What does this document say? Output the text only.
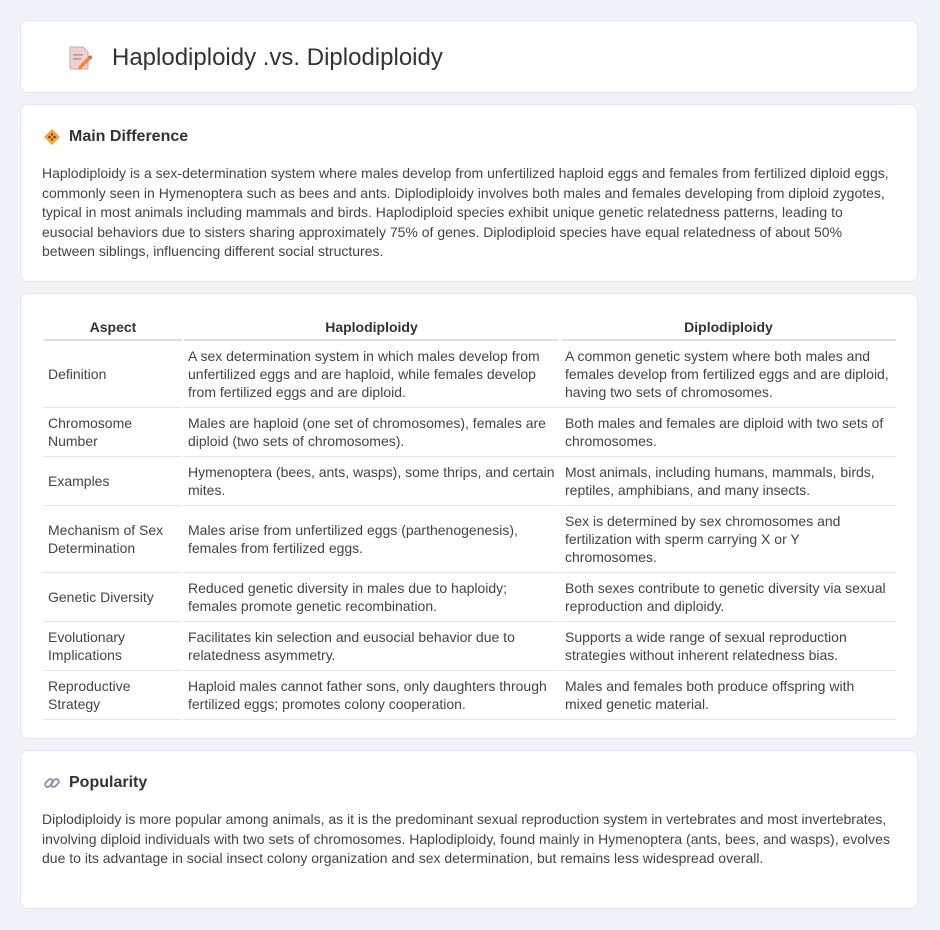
Haplodiploidy .vs. Diplodiploidy
Main Difference

Haplodiploidy is a sex-determination system where males develop from unfertilized haploid eggs and females from fertilized diploid eggs, commonly seen in Hymenoptera such as bees and ants. Diplodiploidy involves both males and females developing from diploid zygotes, typical in most animals including mammals and birds. Haplodiploid species exhibit unique genetic relatedness patterns, leading to eusocial behaviors due to sisters sharing approximately 75% of genes. Diplodiploid species have equal relatedness of about 50% between siblings, influencing different social structures.

Aspect	Haplodiploidy	Diplodiploidy
Definition	A sex determination system in which males develop from unfertilized eggs and are haploid, while females develop from fertilized eggs and are diploid.	A common genetic system where both males and females develop from fertilized eggs and are diploid, having two sets of chromosomes.
Chromosome Number	Males are haploid (one set of chromosomes), females are diploid (two sets of chromosomes).	Both males and females are diploid with two sets of chromosomes.
Examples	Hymenoptera (bees, ants, wasps), some thrips, and certain mites.	Most animals, including humans, mammals, birds, reptiles, amphibians, and many insects.
Mechanism of Sex Determination	Males arise from unfertilized eggs (parthenogenesis), females from fertilized eggs.	Sex is determined by sex chromosomes and fertilization with sperm carrying X or Y chromosomes.
Genetic Diversity	Reduced genetic diversity in males due to haploidy; females promote genetic recombination.	Both sexes contribute to genetic diversity via sexual reproduction and diploidy.
Evolutionary Implications	Facilitates kin selection and eusocial behavior due to relatedness asymmetry.	Supports a wide range of sexual reproduction strategies without inherent relatedness bias.
Reproductive Strategy	Haploid males cannot father sons, only daughters through fertilized eggs; promotes colony cooperation.	Males and females both produce offspring with mixed genetic material.
Popularity

Diplodiploidy is more popular among animals, as it is the predominant sexual reproduction system in vertebrates and most invertebrates, involving diploid individuals with two sets of chromosomes. Haplodiploidy, found mainly in Hymenoptera (ants, bees, and wasps), evolves due to its advantage in social insect colony organization and sex determination, but remains less widespread overall.
